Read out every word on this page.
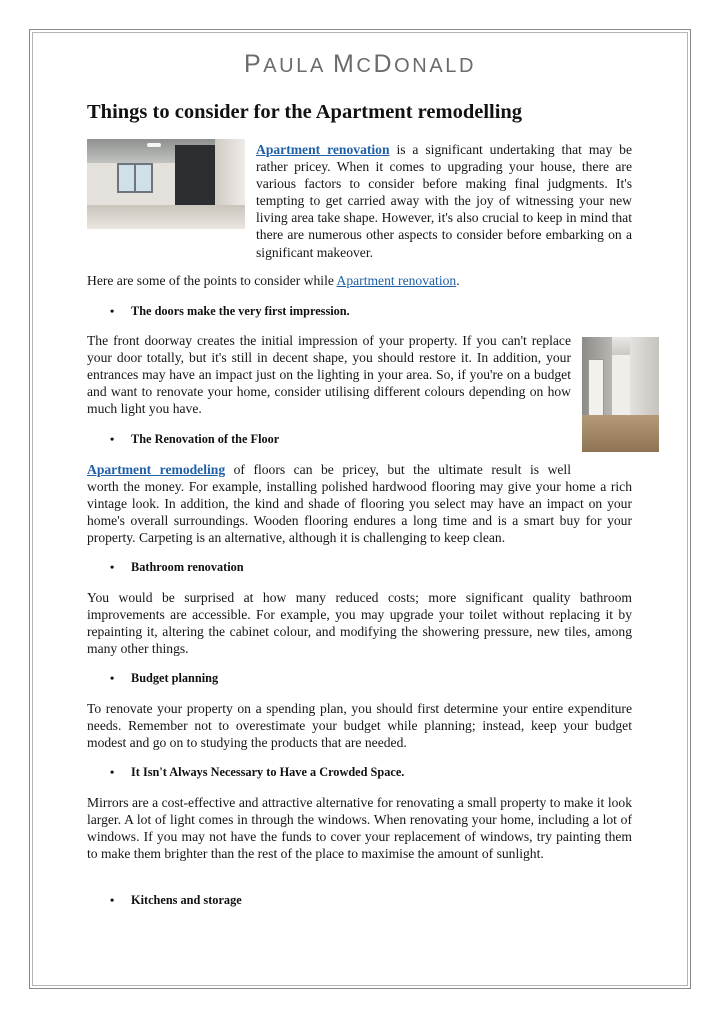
PAULA MCDONALD
Things to consider for the Apartment remodelling

Apartment renovation is a significant undertaking that may be rather pricey. When it comes to upgrading your house, there are various factors to consider before making final judgments. It's tempting to get carried away with the joy of witnessing your new living area take shape. However, it's also crucial to keep in mind that there are numerous other aspects to consider before embarking on a significant makeover.

Here are some of the points to consider while Apartment renovation.

• The doors make the very first impression.

The front doorway creates the initial impression of your property. If you can't replace your door totally, but it's still in decent shape, you should restore it. In addition, your entrances may have an impact just on the lighting in your area. So, if you're on a budget and want to renovate your home, consider utilising different colours depending on how much light you have.

• The Renovation of the Floor

Apartment remodeling of floors can be pricey, but the ultimate result is well

worth the money. For example, installing polished hardwood flooring may give your home a rich vintage look. In addition, the kind and shade of flooring you select may have an impact on your home's overall surroundings. Wooden flooring endures a long time and is a smart buy for your property. Carpeting is an alternative, although it is challenging to keep clean.

• Bathroom renovation

You would be surprised at how many reduced costs; more significant quality bathroom improvements are accessible. For example, you may upgrade your toilet without replacing it by repainting it, altering the cabinet colour, and modifying the showering pressure, new tiles, among many other things.

• Budget planning

To renovate your property on a spending plan, you should first determine your entire expenditure needs. Remember not to overestimate your budget while planning; instead, keep your budget modest and go on to studying the products that are needed.

• It Isn't Always Necessary to Have a Crowded Space.

Mirrors are a cost-effective and attractive alternative for renovating a small property to make it look larger. A lot of light comes in through the windows. When renovating your home, including a lot of windows. If you may not have the funds to cover your replacement of windows, try painting them to make them brighter than the rest of the place to maximise the amount of sunlight.

• Kitchens and storage
